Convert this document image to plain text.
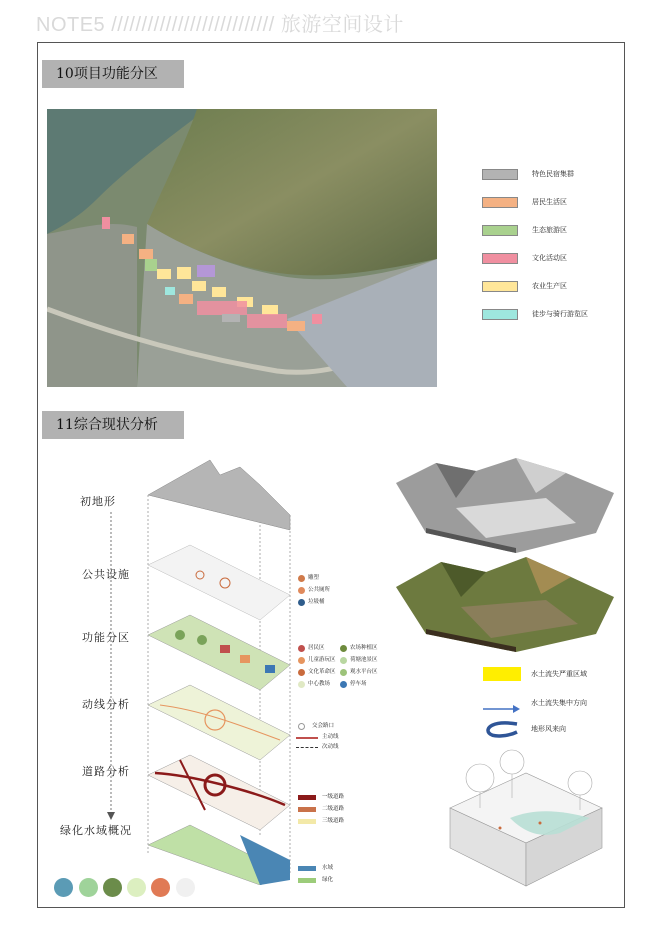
NOTE5 /////////////////////////// 旅游空间设计
10项目功能分区
特色民宿集群
居民生活区
生态旅游区
文化活动区
农业生产区
徒步与骑行游览区
11综合现状分析
初地形
公共设施
功能分区
动线分析
道路分析
绿化水域概况
雕塑
公共厕所
垃圾桶
居民区	农场种植区
儿童游玩区	荷塘池景区
文化革命区	观水平台区
中心教场	停车场
交会路口
主动线
次动线
一级道路
二级道路
三级道路
水域
绿化
水土流失严重区域
水土流失集中方向
地形风来向
